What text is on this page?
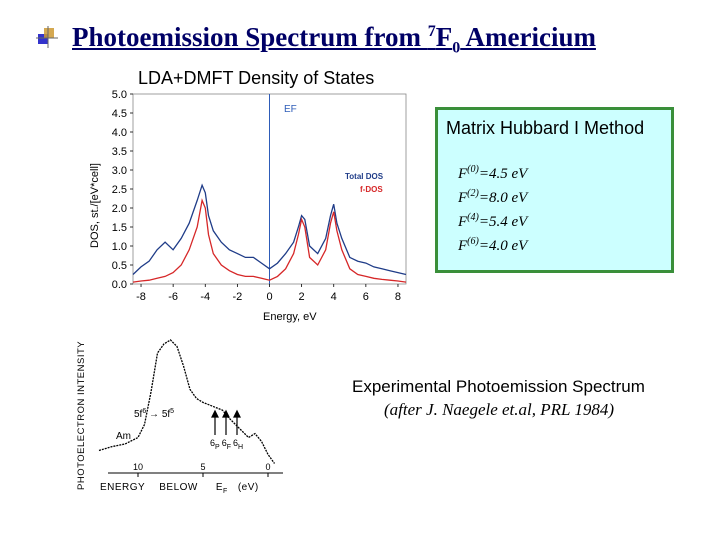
Photoemission Spectrum from $^7F_0$ Americium
LDA+DMFT Density of States
DOS, st./[eV*cell]
Energy, eV
0.0
0.5
1.0
1.5
2.0
2.5
3.0
3.5
4.0
4.5
5.0
-8 -6 -4 -2 0 2 4 6 8
EF
Total DOS
f-DOS
Matrix Hubbard I Method
$F^{(0)}=4.5$ eV
$F^{(2)}=8.0$ eV
$F^{(4)}=5.4$ eV
$F^{(6)}=4.0$ eV
PHOTOELECTRON INTENSITY	10	5	0
$5f^6 \to 5f^5$
Am
$6_P$ $6_F$ $6_H$
ENERGY BELOW $E_F$ (eV)
Experimental Photoemission Spectrum
(after J. Naegele et.al, PRL 1984)
